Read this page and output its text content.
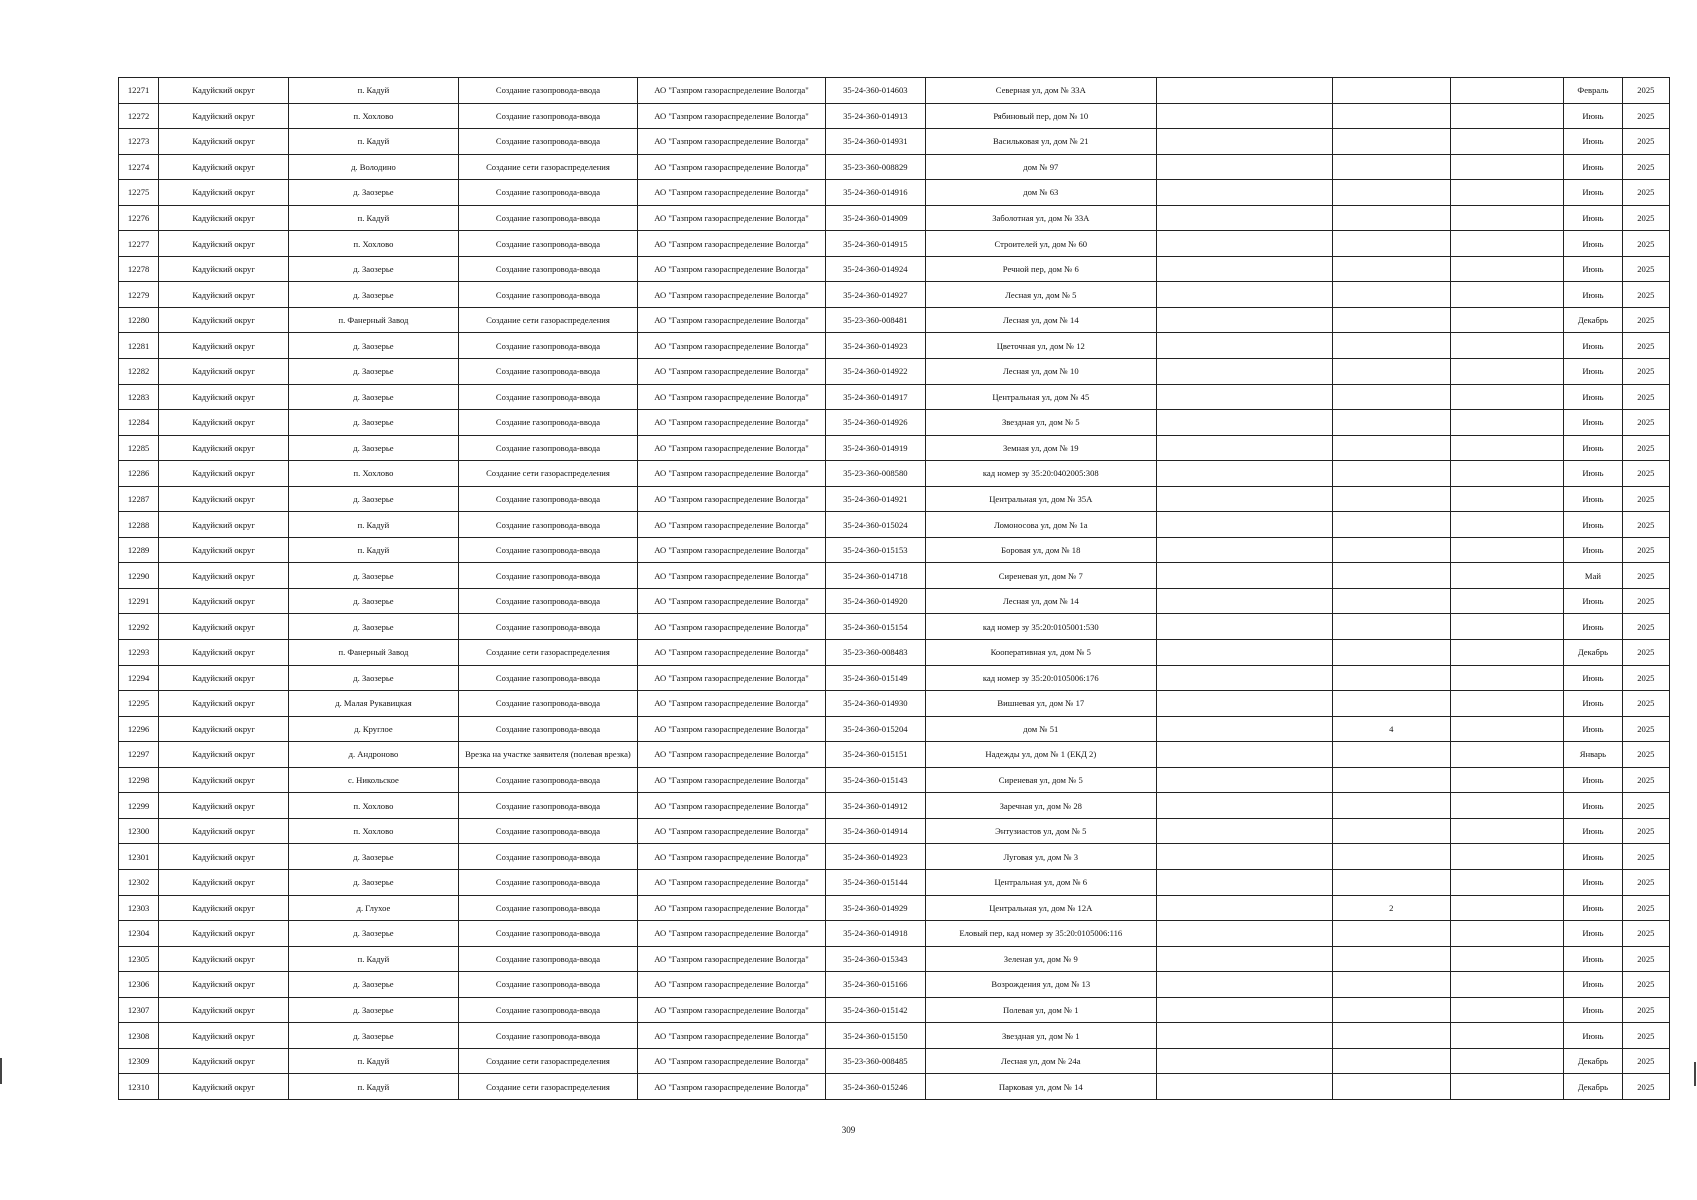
12271	Кадуйский округ	п. Кадуй	Создание газопровода-ввода	АО "Газпром газораспределение Вологда"	35-24-360-014603	Северная ул, дом № 33А				Февраль	2025
12272	Кадуйский округ	п. Хохлово	Создание газопровода-ввода	АО "Газпром газораспределение Вологда"	35-24-360-014913	Рябиновый пер, дом № 10				Июнь	2025
12273	Кадуйский округ	п. Кадуй	Создание газопровода-ввода	АО "Газпром газораспределение Вологда"	35-24-360-014931	Васильковая ул, дом № 21				Июнь	2025
12274	Кадуйский округ	д. Володино	Создание сети газораспределения	АО "Газпром газораспределение Вологда"	35-23-360-008829	дом № 97				Июнь	2025
12275	Кадуйский округ	д. Заозерье	Создание газопровода-ввода	АО "Газпром газораспределение Вологда"	35-24-360-014916	дом № 63				Июнь	2025
12276	Кадуйский округ	п. Кадуй	Создание газопровода-ввода	АО "Газпром газораспределение Вологда"	35-24-360-014909	Заболотная ул, дом № 33А				Июнь	2025
12277	Кадуйский округ	п. Хохлово	Создание газопровода-ввода	АО "Газпром газораспределение Вологда"	35-24-360-014915	Строителей ул, дом № 60				Июнь	2025
12278	Кадуйский округ	д. Заозерье	Создание газопровода-ввода	АО "Газпром газораспределение Вологда"	35-24-360-014924	Речной пер, дом № 6				Июнь	2025
12279	Кадуйский округ	д. Заозерье	Создание газопровода-ввода	АО "Газпром газораспределение Вологда"	35-24-360-014927	Лесная ул, дом № 5				Июнь	2025
12280	Кадуйский округ	п. Фанерный Завод	Создание сети газораспределения	АО "Газпром газораспределение Вологда"	35-23-360-008481	Лесная ул, дом № 14				Декабрь	2025
12281	Кадуйский округ	д. Заозерье	Создание газопровода-ввода	АО "Газпром газораспределение Вологда"	35-24-360-014923	Цветочная ул, дом № 12				Июнь	2025
12282	Кадуйский округ	д. Заозерье	Создание газопровода-ввода	АО "Газпром газораспределение Вологда"	35-24-360-014922	Лесная ул, дом № 10				Июнь	2025
12283	Кадуйский округ	д. Заозерье	Создание газопровода-ввода	АО "Газпром газораспределение Вологда"	35-24-360-014917	Центральная ул, дом № 45				Июнь	2025
12284	Кадуйский округ	д. Заозерье	Создание газопровода-ввода	АО "Газпром газораспределение Вологда"	35-24-360-014926	Звездная ул, дом № 5				Июнь	2025
12285	Кадуйский округ	д. Заозерье	Создание газопровода-ввода	АО "Газпром газораспределение Вологда"	35-24-360-014919	Земная ул, дом № 19				Июнь	2025
12286	Кадуйский округ	п. Хохлово	Создание сети газораспределения	АО "Газпром газораспределение Вологда"	35-23-360-008580	кад номер зу 35:20:0402005:308				Июнь	2025
12287	Кадуйский округ	д. Заозерье	Создание газопровода-ввода	АО "Газпром газораспределение Вологда"	35-24-360-014921	Центральная ул, дом № 35А				Июнь	2025
12288	Кадуйский округ	п. Кадуй	Создание газопровода-ввода	АО "Газпром газораспределение Вологда"	35-24-360-015024	Ломоносова ул, дом № 1а				Июнь	2025
12289	Кадуйский округ	п. Кадуй	Создание газопровода-ввода	АО "Газпром газораспределение Вологда"	35-24-360-015153	Боровая ул, дом № 18				Июнь	2025
12290	Кадуйский округ	д. Заозерье	Создание газопровода-ввода	АО "Газпром газораспределение Вологда"	35-24-360-014718	Сиреневая ул, дом № 7				Май	2025
12291	Кадуйский округ	д. Заозерье	Создание газопровода-ввода	АО "Газпром газораспределение Вологда"	35-24-360-014920	Лесная ул, дом № 14				Июнь	2025
12292	Кадуйский округ	д. Заозерье	Создание газопровода-ввода	АО "Газпром газораспределение Вологда"	35-24-360-015154	кад номер зу 35:20:0105001:530				Июнь	2025
12293	Кадуйский округ	п. Фанерный Завод	Создание сети газораспределения	АО "Газпром газораспределение Вологда"	35-23-360-008483	Кооперативная ул, дом № 5				Декабрь	2025
12294	Кадуйский округ	д. Заозерье	Создание газопровода-ввода	АО "Газпром газораспределение Вологда"	35-24-360-015149	кад номер зу 35:20:0105006:176				Июнь	2025
12295	Кадуйский округ	д. Малая Рукавицкая	Создание газопровода-ввода	АО "Газпром газораспределение Вологда"	35-24-360-014930	Вишневая ул, дом № 17				Июнь	2025
12296	Кадуйский округ	д. Круглое	Создание газопровода-ввода	АО "Газпром газораспределение Вологда"	35-24-360-015204	дом № 51		4		Июнь	2025
12297	Кадуйский округ	д. Андроново	Врезка на участке заявителя (полевая врезка)	АО "Газпром газораспределение Вологда"	35-24-360-015151	Надежды ул, дом № 1 (ЕКД 2)				Январь	2025
12298	Кадуйский округ	с. Никольское	Создание газопровода-ввода	АО "Газпром газораспределение Вологда"	35-24-360-015143	Сиреневая ул, дом № 5				Июнь	2025
12299	Кадуйский округ	п. Хохлово	Создание газопровода-ввода	АО "Газпром газораспределение Вологда"	35-24-360-014912	Заречная ул, дом № 28				Июнь	2025
12300	Кадуйский округ	п. Хохлово	Создание газопровода-ввода	АО "Газпром газораспределение Вологда"	35-24-360-014914	Энтузиастов ул, дом № 5				Июнь	2025
12301	Кадуйский округ	д. Заозерье	Создание газопровода-ввода	АО "Газпром газораспределение Вологда"	35-24-360-014923	Луговая ул, дом № 3				Июнь	2025
12302	Кадуйский округ	д. Заозерье	Создание газопровода-ввода	АО "Газпром газораспределение Вологда"	35-24-360-015144	Центральная ул, дом № 6				Июнь	2025
12303	Кадуйский округ	д. Глухое	Создание газопровода-ввода	АО "Газпром газораспределение Вологда"	35-24-360-014929	Центральная ул, дом № 12А		2		Июнь	2025
12304	Кадуйский округ	д. Заозерье	Создание газопровода-ввода	АО "Газпром газораспределение Вологда"	35-24-360-014918	Еловый пер, кад номер зу 35:20:0105006:116				Июнь	2025
12305	Кадуйский округ	п. Кадуй	Создание газопровода-ввода	АО "Газпром газораспределение Вологда"	35-24-360-015343	Зеленая ул, дом № 9				Июнь	2025
12306	Кадуйский округ	д. Заозерье	Создание газопровода-ввода	АО "Газпром газораспределение Вологда"	35-24-360-015166	Возрождения ул, дом № 13				Июнь	2025
12307	Кадуйский округ	д. Заозерье	Создание газопровода-ввода	АО "Газпром газораспределение Вологда"	35-24-360-015142	Полевая ул, дом № 1				Июнь	2025
12308	Кадуйский округ	д. Заозерье	Создание газопровода-ввода	АО "Газпром газораспределение Вологда"	35-24-360-015150	Звездная ул, дом № 1				Июнь	2025
12309	Кадуйский округ	п. Кадуй	Создание сети газораспределения	АО "Газпром газораспределение Вологда"	35-23-360-008485	Лесная ул, дом № 24а				Декабрь	2025
12310	Кадуйский округ	п. Кадуй	Создание сети газораспределения	АО "Газпром газораспределение Вологда"	35-24-360-015246	Парковая ул, дом № 14				Декабрь	2025
309
